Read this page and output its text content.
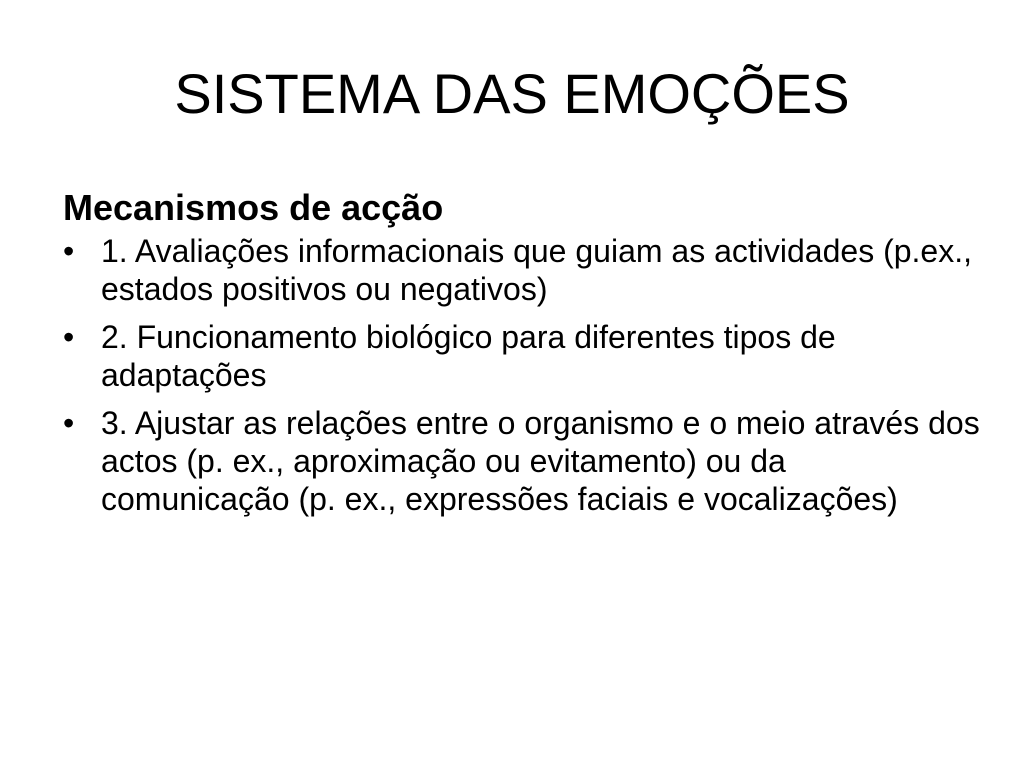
SISTEMA DAS EMOÇÕES
Mecanismos de acção
• 1. Avaliações informacionais que guiam as actividades (p.ex., estados positivos ou negativos)
• 2. Funcionamento biológico para diferentes tipos de adaptações
• 3. Ajustar as relações entre o organismo e o meio através dos actos (p. ex., aproximação ou evitamento) ou da comunicação (p. ex., expressões faciais e vocalizações)
